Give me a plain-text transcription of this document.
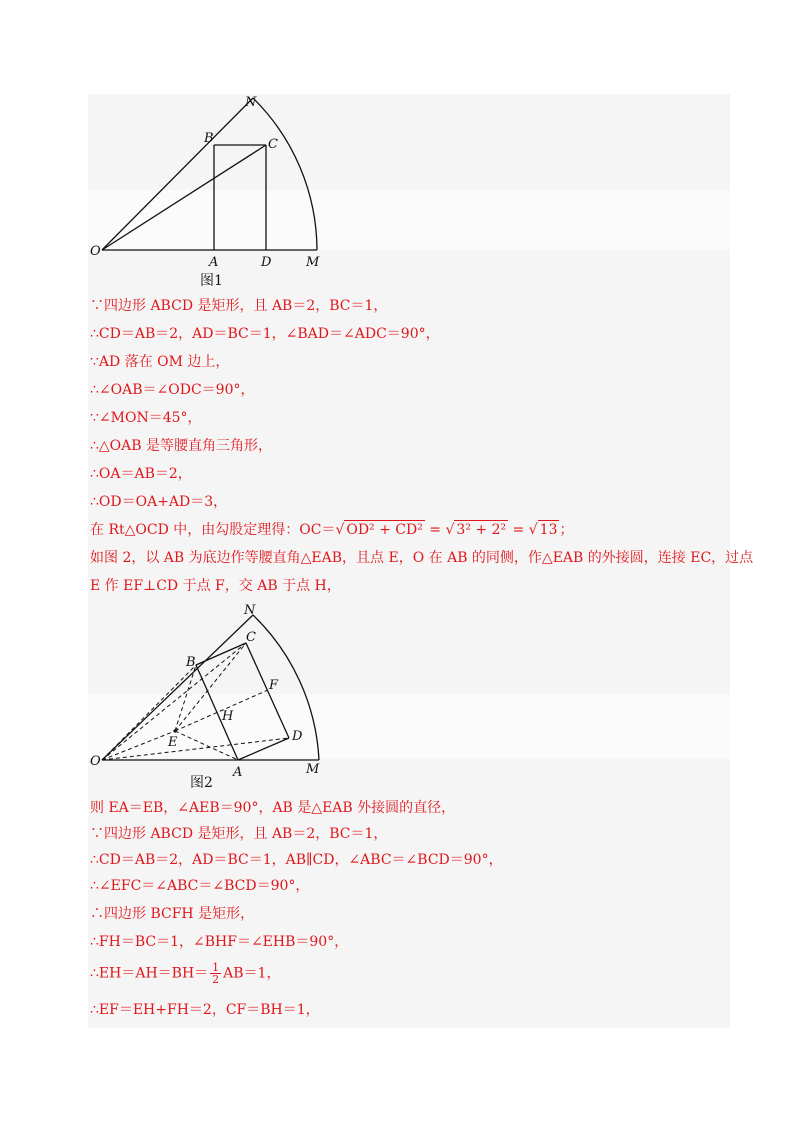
O
A	D	M
B	C
N
图1
∵四边形 ABCD 是矩形，且 AB＝2，BC＝1，
∴CD＝AB＝2，AD＝BC＝1，∠BAD＝∠ADC＝90°，
∵AD 落在 OM 边上，
∴∠OAB＝∠ODC＝90°，
∵∠MON＝45°，
∴△OAB 是等腰直角三角形，
∴OA＝AB＝2，
∴OD＝OA+AD＝3，
在 Rt△OCD 中，由勾股定理得：OC＝√ OD² + CD² = √ 3² + 2² = √ 13 ；
如图 2，以 AB 为底边作等腰直角△EAB，且点 E，O 在 AB 的同侧，作△EAB 的外接圆，连接 EC，过点
E 作 EF⊥CD 于点 F，交 AB 于点 H，
O
A	M
B
C
N
F
H
D
E
图2
则 EA＝EB，∠AEB＝90°，AB 是△EAB 外接圆的直径，
∵四边形 ABCD 是矩形，且 AB＝2，BC＝1，
∴CD＝AB＝2，AD＝BC＝1，AB∥CD，∠ABC＝∠BCD＝90°，
∴∠EFC＝∠ABC＝∠BCD＝90°，
∴四边形 BCFH 是矩形，
∴FH＝BC＝1，∠BHF＝∠EHB＝90°，
∴EH＝AH＝BH＝ $\frac{1}{2} AB=1$，
∴EF＝EH+FH＝2，CF＝BH＝1，
